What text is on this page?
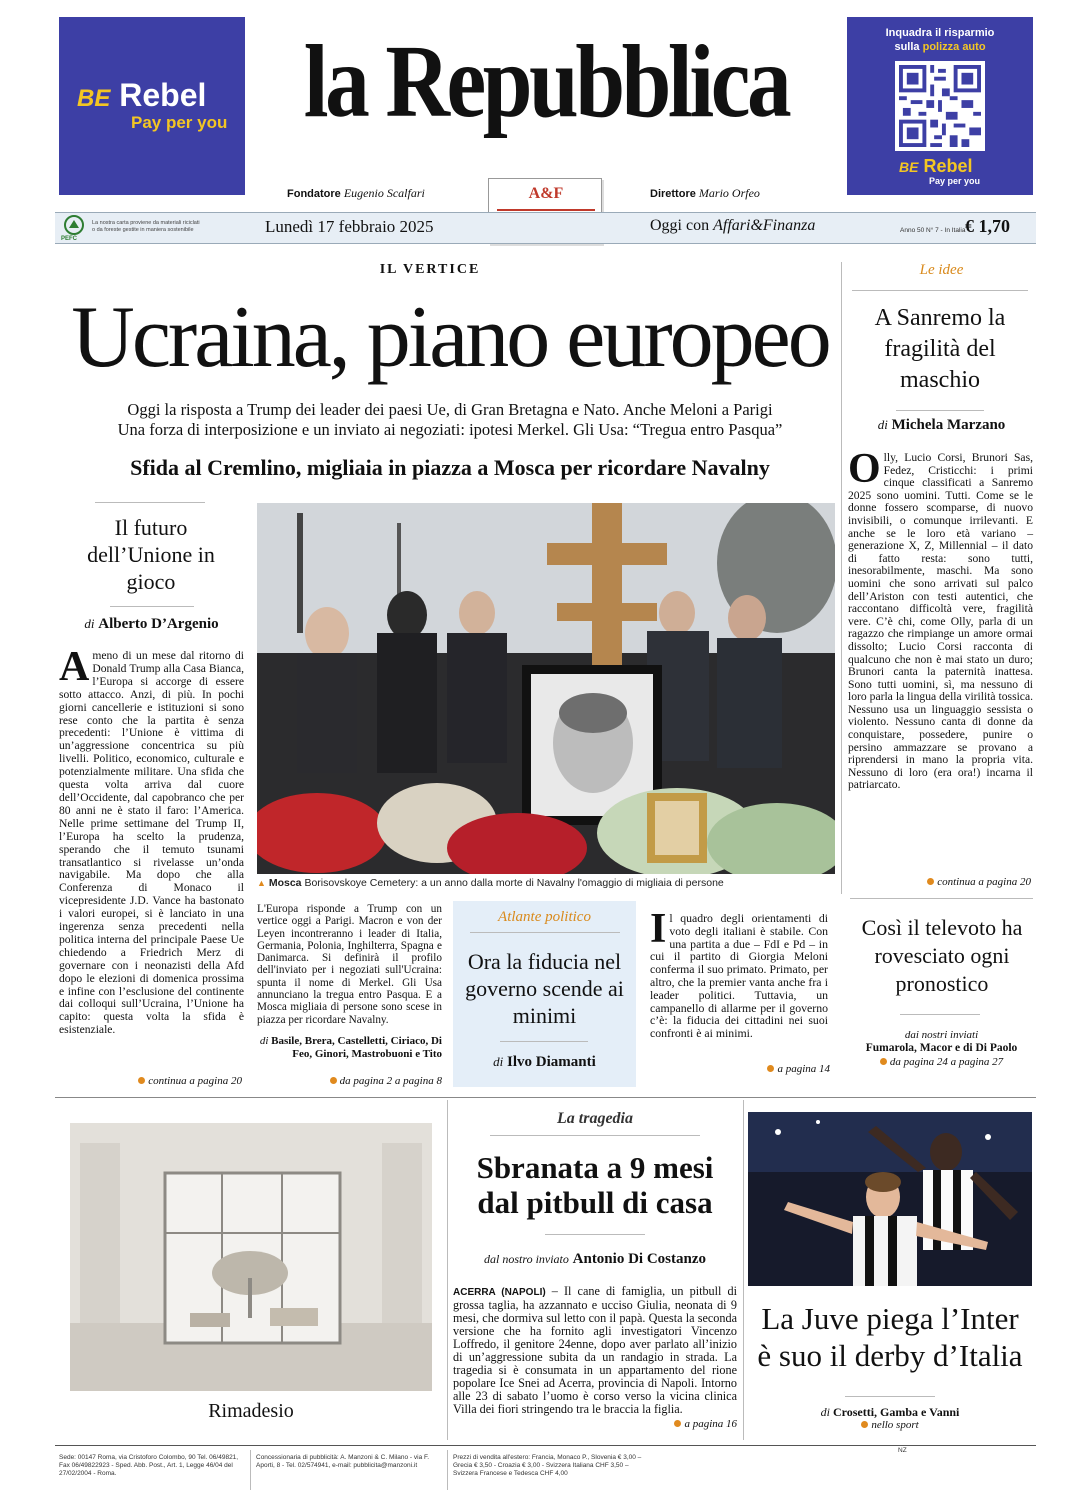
BE Rebel
Pay per you la Repubblica	Inquadra il risparmio
sulla polizza auto
BE Rebel
Pay per you
Fondatore Eugenio Scalfari	Direttore Mario Orfeo
A&F
PEFC
La nostra carta proviene da materiali riciclati o da foreste gestite in maniera sostenibile	Lunedì 17 febbraio 2025	Oggi con Affari&Finanza	Anno 50 N° 7 - In Italia € 1,70
IL VERTICE
Ucraina, piano europeo
Oggi la risposta a Trump dei leader dei paesi Ue, di Gran Bretagna e Nato. Anche Meloni a Parigi
Una forza di interposizione e un inviato ai negoziati: ipotesi Merkel. Gli Usa: “Tregua entro Pasqua”
Sfida al Cremlino, migliaia in piazza a Mosca per ricordare Navalny
▲ Mosca Borisovskoye Cemetery: a un anno dalla morte di Navalny l'omaggio di migliaia di persone
L'Europa risponde a Trump con un vertice oggi a Parigi. Macron e von der Leyen incontreranno i leader di Italia, Germania, Polonia, Inghilterra, Spagna e Danimarca. Si definirà il profilo dell'inviato per i negoziati sull'Ucraina: spunta il nome di Merkel. Gli Usa annunciano la tregua entro Pasqua. E a Mosca migliaia di persone sono scese in piazza per ricordare Navalny.
di Basile, Brera, Castelletti, Ciriaco, Di Feo, Ginori, Mastrobuoni e Tito
da pagina 2 a pagina 8
Il futuro dell’Unione in gioco
di Alberto D’Argenio
Ameno di un mese dal ritorno di Donald Trump alla Casa Bianca, l’Europa si accorge di essere sotto attacco. Anzi, di più. In pochi giorni cancellerie e istituzioni si sono rese conto che la partita è senza precedenti: l’Unione è vittima di un’aggressione concentrica su più livelli. Politico, economico, culturale e potenzialmente militare. Una sfida che questa volta arriva dal cuore dell’Occidente, dal capobranco che per 80 anni ne è stato il faro: l’America. Nelle prime settimane del Trump II, l’Europa ha scelto la prudenza, sperando che il temuto tsunami transatlantico si rivelasse un’onda navigabile. Ma dopo che alla Conferenza di Monaco il vicepresidente J.D. Vance ha bastonato i valori europei, si è lanciato in una ingerenza senza precedenti nella politica interna del principale Paese Ue chiedendo a Friedrich Merz di governare con i neonazisti della Afd dopo le elezioni di domenica prossima e infine con l’esclusione del continente dai colloqui sull’Ucraina, l’Unione ha capito: questa volta la sfida è esistenziale.
continua a pagina 20
Le idee
A Sanremo la fragilità del maschio
di Michela Marzano
Olly, Lucio Corsi, Brunori Sas, Fedez, Cristicchi: i primi cinque classificati a Sanremo 2025 sono uomini. Tutti. Come se le donne fossero scomparse, di nuovo invisibili, o comunque irrilevanti. E anche se le loro età variano – generazione X, Z, Millennial – il dato di fatto resta: sono tutti, inesorabilmente, maschi. Ma sono uomini che sono arrivati sul palco dell’Ariston con testi autentici, che raccontano difficoltà vere, fragilità vere. C’è chi, come Olly, parla di un ragazzo che rimpiange un amore ormai dissolto; Lucio Corsi racconta di qualcuno che non è mai stato un duro; Brunori canta la paternità inattesa. Sono tutti uomini, sì, ma nessuno di loro parla la lingua della virilità tossica. Nessuno usa un linguaggio sessista o violento. Nessuno canta di donne da conquistare, possedere, punire o persino ammazzare se provano a riprendersi in mano la propria vita. Nessuno di loro (era ora!) incarna il patriarcato.
continua a pagina 20
Così il televoto ha rovesciato ogni pronostico
dai nostri inviati
Fumarola, Macor e di Di Paolo
da pagina 24 a pagina 27
Atlante politico
Ora la fiducia nel governo scende ai minimi
di Ilvo Diamanti
Il quadro degli orientamenti di voto degli italiani è stabile. Con una partita a due – FdI e Pd – in cui il partito di Giorgia Meloni conferma il suo primato. Primato, per altro, che la premier vanta anche fra i leader politici. Tuttavia, un campanello di allarme per il governo c’è: la fiducia dei cittadini nei suoi confronti è ai minimi.
a pagina 14
Rimadesio
La tragedia
Sbranata a 9 mesi dal pitbull di casa
dal nostro inviato Antonio Di Costanzo
ACERRA (NAPOLI) – Il cane di famiglia, un pitbull di grossa taglia, ha azzannato e ucciso Giulia, neonata di 9 mesi, che dormiva sul letto con il papà. Questa la seconda versione che ha fornito agli investigatori Vincenzo Loffredo, il genitore 24enne, dopo aver parlato all’inizio di un’aggressione subita da un randagio in strada. La tragedia si è consumata in un appartamento del rione popolare Ice Snei ad Acerra, provincia di Napoli. Intorno alle 23 di sabato l’uomo è corso verso la vicina clinica Villa dei fiori stringendo tra le braccia la figlia.
a pagina 16
La Juve piega l’Inter è suo il derby d’Italia
di Crosetti, Gamba e Vanni
nello sport
Sede: 00147 Roma, via Cristoforo Colombo, 90 Tel. 06/49821, Fax 06/49822923 - Sped. Abb. Post., Art. 1, Legge 46/04 del 27/02/2004 - Roma.
Concessionaria di pubblicità: A. Manzoni & C. Milano - via F. Aporti, 8 - Tel. 02/574941, e-mail: pubblicita@manzoni.it
Prezzi di vendita all'estero: Francia, Monaco P., Slovenia € 3,00 – Grecia € 3,50 - Croazia € 3,00 - Svizzera Italiana CHF 3,50 – Svizzera Francese e Tedesca CHF 4,00
NZ
